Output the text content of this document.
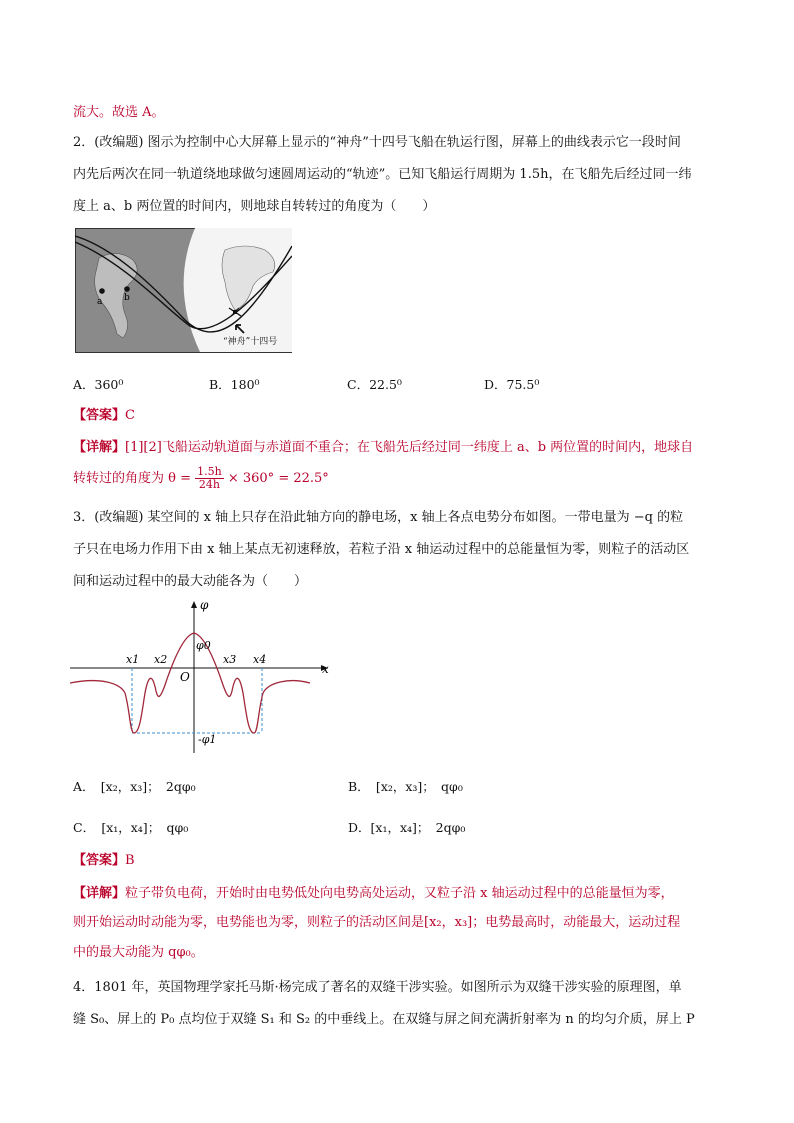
流大。故选 A。
2．(改编题) 图示为控制中心大屏幕上显示的“神舟”十四号飞船在轨运行图，屏幕上的曲线表示它一段时间
内先后两次在同一轨道绕地球做匀速圆周运动的“轨迹”。已知飞船运行周期为 1.5h，在飞船先后经过同一纬
度上 a、b 两位置的时间内，则地球自转转过的角度为（　　）
a b
“神舟”十四号
A．360⁰	B．180⁰	C．22.5⁰	D．75.5⁰
【答案】C
【详解】[1][2]飞船运动轨道面与赤道面不重合；在飞船先后经过同一纬度上 a、b 两位置的时间内，地球自
转转过的角度为 $\theta = \frac{1.5h}{24h} \times 360^\circ = 22.5^\circ$
3．(改编题) 某空间的 x 轴上只存在沿此轴方向的静电场，x 轴上各点电势分布如图。一带电量为 −q 的粒
子只在电场力作用下由 x 轴上某点无初速释放，若粒子沿 x 轴运动过程中的总能量恒为零，则粒子的活动区
间和运动过程中的最大动能各为（　　）
φ
x
O
φ0
-φ1
x1 x2	x3 x4
A．　[x₂，x₃]；　2qφ₀	B．　[x₂，x₃]；　qφ₀
C．　[x₁，x₄]；　qφ₀	D．[x₁，x₄]；　2qφ₀
【答案】B
【详解】粒子带负电荷，开始时由电势低处向电势高处运动，又粒子沿 x 轴运动过程中的总能量恒为零，
则开始运动时动能为零，电势能也为零，则粒子的活动区间是[x₂，x₃]；电势最高时，动能最大，运动过程
中的最大动能为 qφ₀。
4．1801 年，英国物理学家托马斯·杨完成了著名的双缝干涉实验。如图所示为双缝干涉实验的原理图，单
缝 S₀、屏上的 P₀ 点均位于双缝 S₁ 和 S₂ 的中垂线上。在双缝与屏之间充满折射率为 n 的均匀介质，屏上 P
